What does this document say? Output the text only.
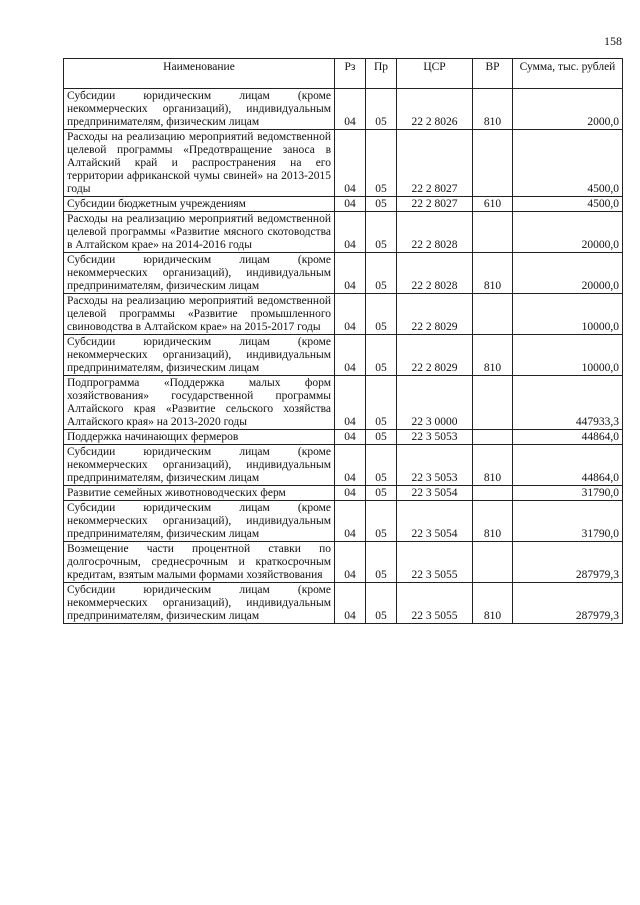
158
Наименование	Рз	Пр	ЦСР	ВР	Сумма, тыс. рублей
Субсидии юридическим лицам (кроме некоммерческих организаций), индивидуальным предпринимателям, физическим лицам	04	05	22 2 8026	810	2000,0
Расходы на реализацию мероприятий ведомственной целевой программы «Предотвращение заноса в Алтайский край и распространения на его территории африканской чумы свиней» на 2013-2015 годы	04	05	22 2 8027		4500,0
Субсидии бюджетным учреждениям	04	05	22 2 8027	610	4500,0
Расходы на реализацию мероприятий ведомственной целевой программы «Развитие мясного скотоводства в Алтайском крае» на 2014-2016 годы	04	05	22 2 8028		20000,0
Субсидии юридическим лицам (кроме некоммерческих организаций), индивидуальным предпринимателям, физическим лицам	04	05	22 2 8028	810	20000,0
Расходы на реализацию мероприятий ведомственной целевой программы «Развитие промышленного свиноводства в Алтайском крае» на 2015-2017 годы	04	05	22 2 8029		10000,0
Субсидии юридическим лицам (кроме некоммерческих организаций), индивидуальным предпринимателям, физическим лицам	04	05	22 2 8029	810	10000,0
Подпрограмма «Поддержка малых форм хозяйствования» государственной программы Алтайского края «Развитие сельского хозяйства Алтайского края» на 2013-2020 годы	04	05	22 3 0000		447933,3
Поддержка начинающих фермеров	04	05	22 3 5053		44864,0
Субсидии юридическим лицам (кроме некоммерческих организаций), индивидуальным предпринимателям, физическим лицам	04	05	22 3 5053	810	44864,0
Развитие семейных животноводческих ферм	04	05	22 3 5054		31790,0
Субсидии юридическим лицам (кроме некоммерческих организаций), индивидуальным предпринимателям, физическим лицам	04	05	22 3 5054	810	31790,0
Возмещение части процентной ставки по долгосрочным, среднесрочным и краткосрочным кредитам, взятым малыми формами хозяйствования	04	05	22 3 5055		287979,3
Субсидии юридическим лицам (кроме некоммерческих организаций), индивидуальным предпринимателям, физическим лицам	04	05	22 3 5055	810	287979,3
